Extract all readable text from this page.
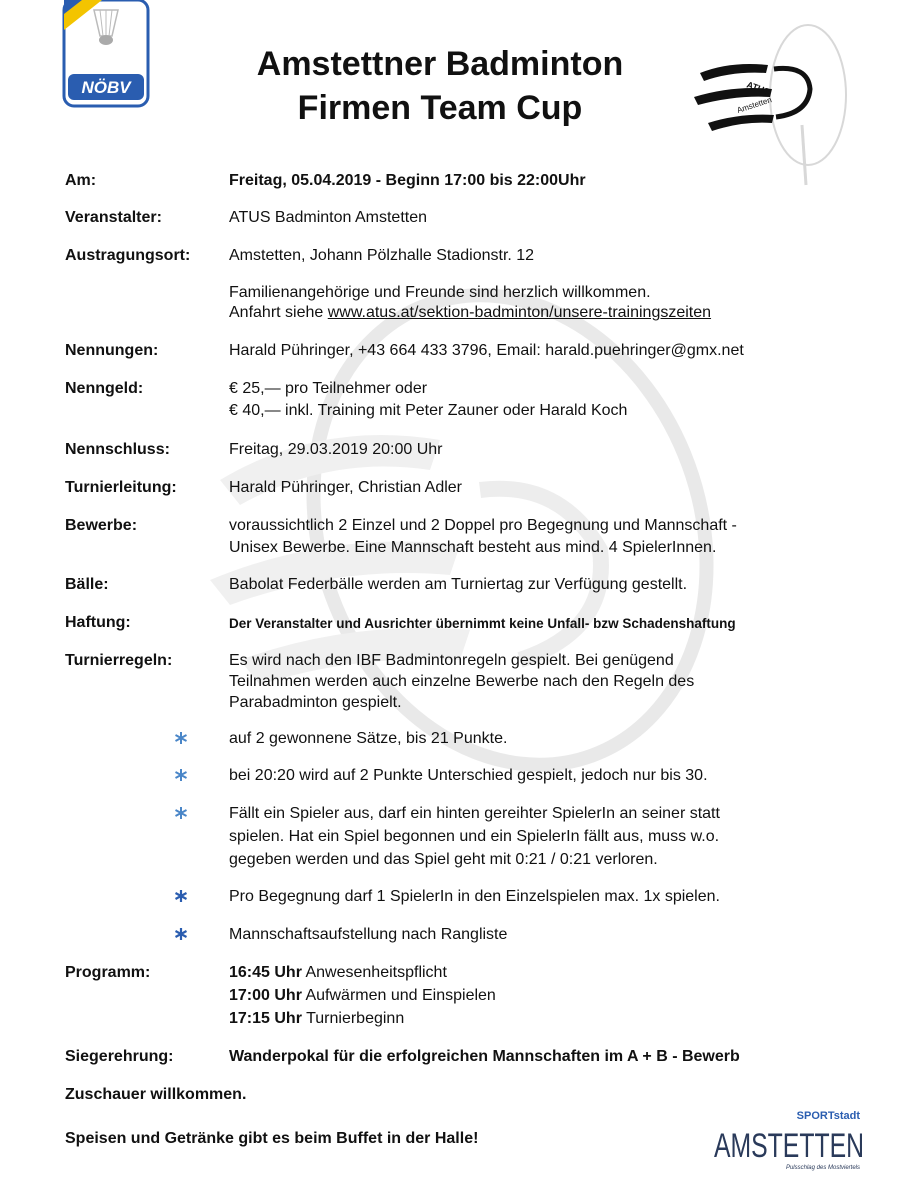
NÖBV	ATUS
Amstetten
Amstettner Badminton
Firmen Team Cup
Am:	Freitag, 05.04.2019 - Beginn 17:00 bis 22:00Uhr
Veranstalter:	ATUS Badminton Amstetten
Austragungsort: Amstetten, Johann Pölzhalle Stadionstr. 12
Familienangehörige und Freunde sind herzlich willkommen.
Anfahrt siehe www.atus.at/sektion-badminton/unsere-trainingszeiten
Nennungen:	Harald Pühringer, +43 664 433 3796, Email: harald.puehringer@gmx.net
Nenngeld:	€ 25,— pro Teilnehmer oder
€ 40,— inkl. Training mit Peter Zauner oder Harald Koch
Nennschluss:	Freitag, 29.03.2019 20:00 Uhr
Turnierleitung:	Harald Pühringer, Christian Adler
Bewerbe:	voraussichtlich 2 Einzel und 2 Doppel pro Begegnung und Mannschaft -
Unisex Bewerbe. Eine Mannschaft besteht aus mind. 4 SpielerInnen.
Bälle:	Babolat Federbälle werden am Turniertag zur Verfügung gestellt.
Haftung:	Der Veranstalter und Ausrichter übernimmt keine Unfall- bzw Schadenshaftung
Turnierregeln:	Es wird nach den IBF Badmintonregeln gespielt. Bei genügend
Teilnahmen werden auch einzelne Bewerbe nach den Regeln des
Parabadminton gespielt.
auf 2 gewonnene Sätze, bis 21 Punkte.
bei 20:20 wird auf 2 Punkte Unterschied gespielt, jedoch nur bis 30.
Fällt ein Spieler aus, darf ein hinten gereihter SpielerIn an seiner statt
spielen. Hat ein Spiel begonnen und ein SpielerIn fällt aus, muss w.o.
gegeben werden und das Spiel geht mit 0:21 / 0:21 verloren.
Pro Begegnung darf 1 SpielerIn in den Einzelspielen max. 1x spielen.
Mannschaftsaufstellung nach Rangliste
Programm:	16:45 Uhr Anwesenheitspflicht
17:00 Uhr Aufwärmen und Einspielen
17:15 Uhr Turnierbeginn
Siegerehrung:	Wanderpokal für die erfolgreichen Mannschaften im A + B - Bewerb
Zuschauer willkommen.
Speisen und Getränke gibt es beim Buffet in der Halle!
SPORTstadt
AMSTETTEN
Pulsschlag des Mostviertels
